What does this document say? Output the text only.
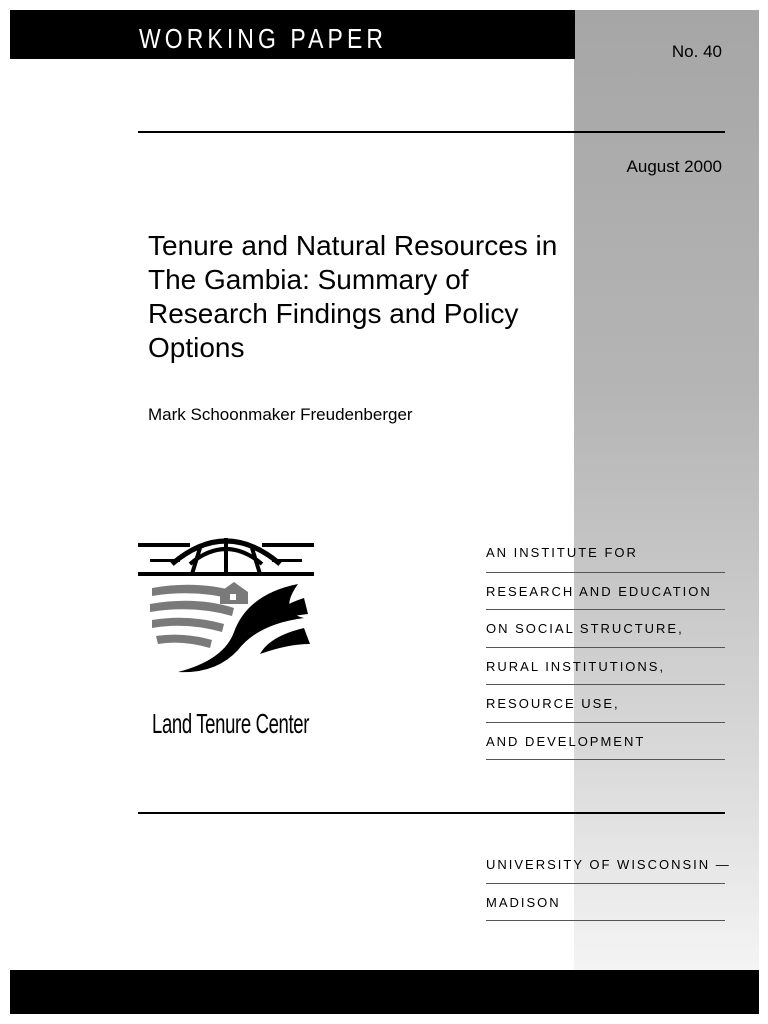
WORKING PAPER	No. 40
August 2000
Tenure and Natural Resources in The Gambia: Summary of Research Findings and Policy Options
Mark Schoonmaker Freudenberger
Land Tenure Center
AN INSTITUTE FOR
RESEARCH AND EDUCATION
ON SOCIAL STRUCTURE,
RURAL INSTITUTIONS,
RESOURCE USE,
AND DEVELOPMENT
UNIVERSITY OF WISCONSIN —
MADISON
